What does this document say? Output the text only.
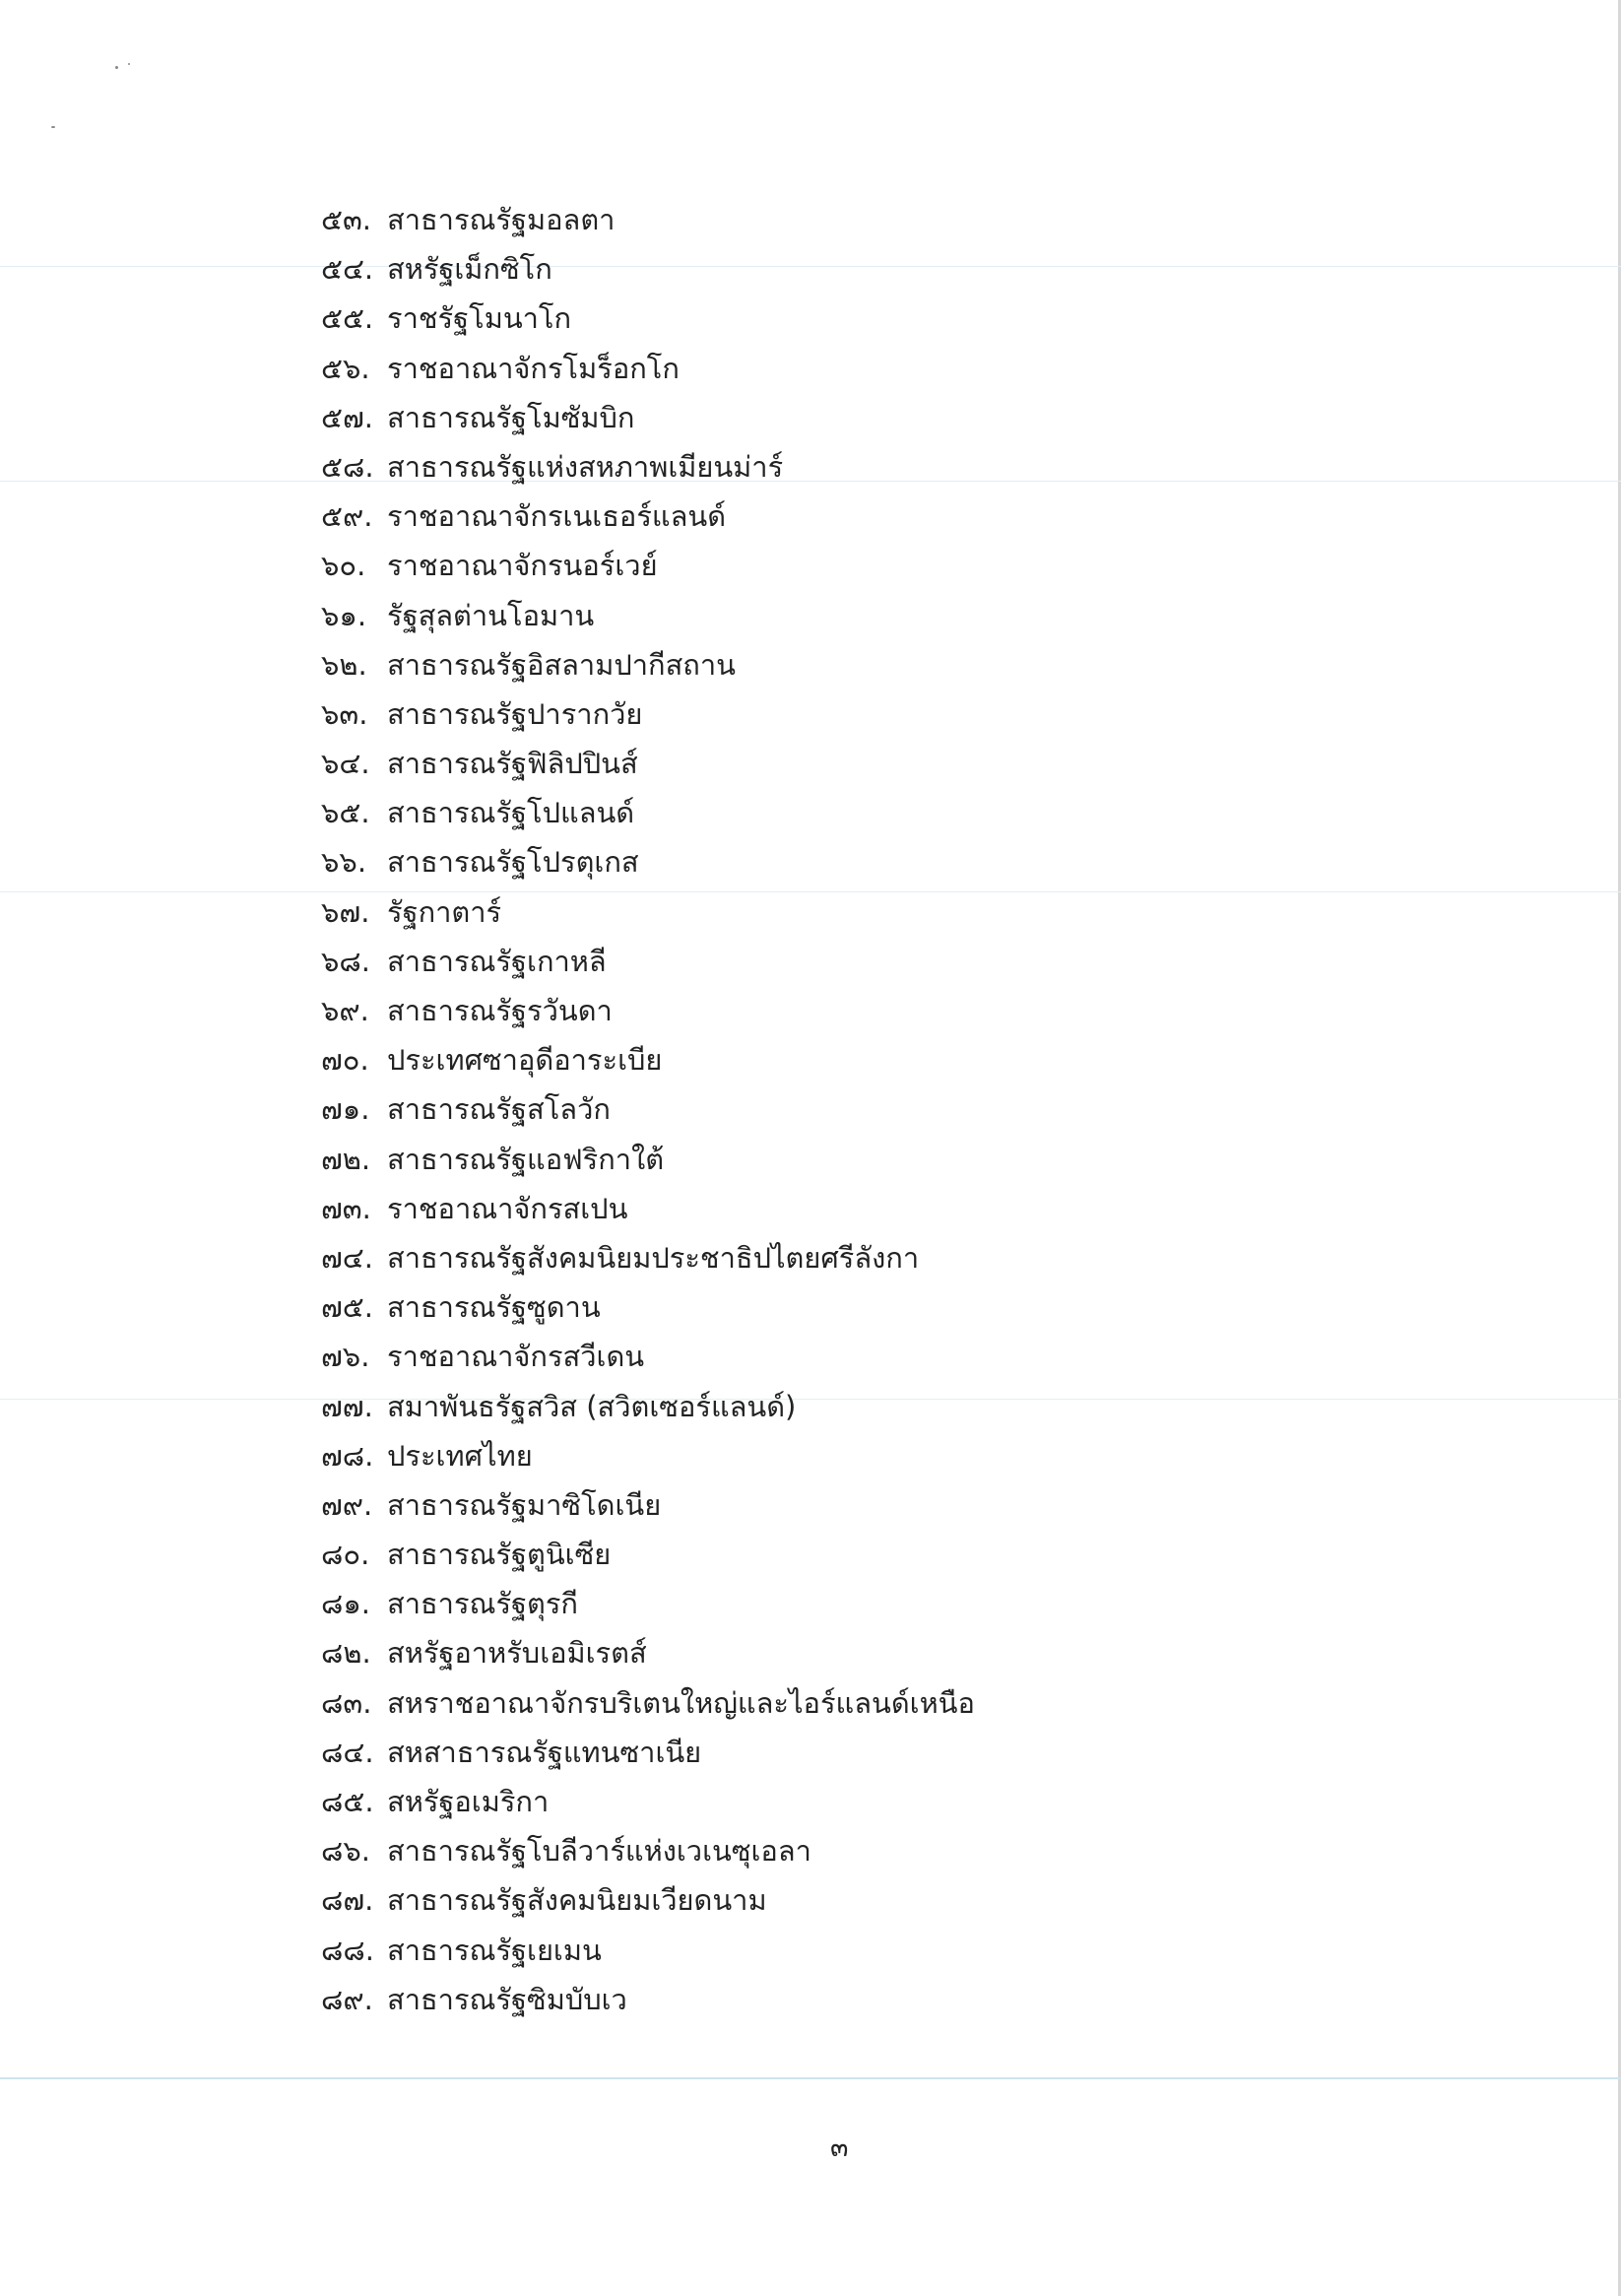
๕๓. สาธารณรัฐมอลตา
๕๔. สหรัฐเม็กซิโก
๕๕. ราชรัฐโมนาโก
๕๖. ราชอาณาจักรโมร็อกโก
๕๗. สาธารณรัฐโมซัมบิก
๕๘. สาธารณรัฐแห่งสหภาพเมียนม่าร์
๕๙. ราชอาณาจักรเนเธอร์แลนด์
๖๐. ราชอาณาจักรนอร์เวย์
๖๑. รัฐสุลต่านโอมาน
๖๒. สาธารณรัฐอิสลามปากีสถาน
๖๓. สาธารณรัฐปารากวัย
๖๔. สาธารณรัฐฟิลิปปินส์
๖๕. สาธารณรัฐโปแลนด์
๖๖. สาธารณรัฐโปรตุเกส
๖๗. รัฐกาตาร์
๖๘. สาธารณรัฐเกาหลี
๖๙. สาธารณรัฐรวันดา
๗๐. ประเทศซาอุดีอาระเบีย
๗๑. สาธารณรัฐสโลวัก
๗๒. สาธารณรัฐแอฟริกาใต้
๗๓. ราชอาณาจักรสเปน
๗๔. สาธารณรัฐสังคมนิยมประชาธิปไตยศรีลังกา
๗๕. สาธารณรัฐซูดาน
๗๖. ราชอาณาจักรสวีเดน
๗๗. สมาพันธรัฐสวิส (สวิตเซอร์แลนด์)
๗๘. ประเทศไทย
๗๙. สาธารณรัฐมาซิโดเนีย
๘๐. สาธารณรัฐตูนิเซีย
๘๑. สาธารณรัฐตุรกี
๘๒. สหรัฐอาหรับเอมิเรตส์
๘๓. สหราชอาณาจักรบริเตนใหญ่และไอร์แลนด์เหนือ
๘๔. สหสาธารณรัฐแทนซาเนีย
๘๕. สหรัฐอเมริกา
๘๖. สาธารณรัฐโบลีวาร์แห่งเวเนซุเอลา
๘๗. สาธารณรัฐสังคมนิยมเวียดนาม
๘๘. สาธารณรัฐเยเมน
๘๙. สาธารณรัฐซิมบับเว
๓
